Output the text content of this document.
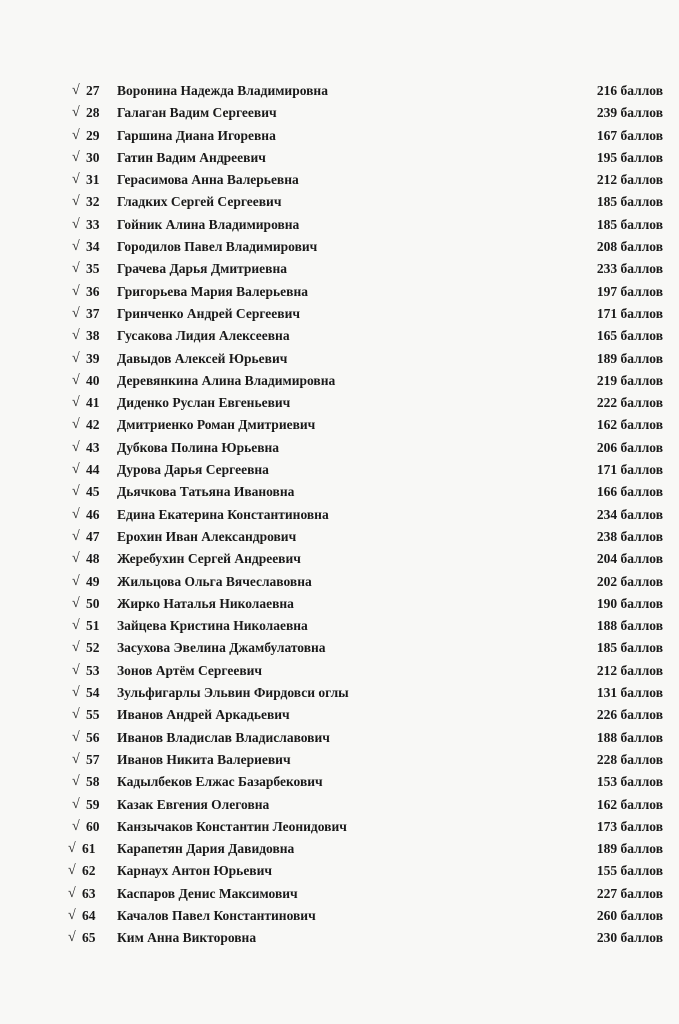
√ 27	Воронина Надежда Владимировна	216 баллов
√ 28	Галаган Вадим Сергеевич	239 баллов
√ 29	Гаршина Диана Игоревна	167 баллов
√ 30	Гатин Вадим Андреевич	195 баллов
√ 31	Герасимова Анна Валерьевна	212 баллов
√ 32	Гладких Сергей Сергеевич	185 баллов
√ 33	Гойник Алина Владимировна	185 баллов
√ 34	Городилов Павел Владимирович	208 баллов
√ 35	Грачева Дарья Дмитриевна	233 баллов
√ 36	Григорьева Мария Валерьевна	197 баллов
√ 37	Гринченко Андрей Сергеевич	171 баллов
√ 38	Гусакова Лидия Алексеевна	165 баллов
√ 39	Давыдов Алексей Юрьевич	189 баллов
√ 40	Деревянкина Алина Владимировна	219 баллов
√ 41	Диденко Руслан Евгеньевич	222 баллов
√ 42	Дмитриенко Роман Дмитриевич	162 баллов
√ 43	Дубкова Полина Юрьевна	206 баллов
√ 44	Дурова Дарья Сергеевна	171 баллов
√ 45	Дьячкова Татьяна Ивановна	166 баллов
√ 46	Едина Екатерина Константиновна	234 баллов
√ 47	Ерохин Иван Александрович	238 баллов
√ 48	Жеребухин Сергей Андреевич	204 баллов
√ 49	Жильцова Ольга Вячеславовна	202 баллов
√ 50	Жирко Наталья Николаевна	190 баллов
√ 51	Зайцева Кристина Николаевна	188 баллов
√ 52	Засухова Эвелина Джамбулатовна	185 баллов
√ 53	Зонов Артём Сергеевич	212 баллов
√ 54	Зульфигарлы Эльвин Фирдовси оглы	131 баллов
√ 55	Иванов Андрей Аркадьевич	226 баллов
√ 56	Иванов Владислав Владиславович	188 баллов
√ 57	Иванов Никита Валериевич	228 баллов
√ 58	Кадылбеков Елжас Базарбекович	153 баллов
√ 59	Казак Евгения Олеговна	162 баллов
√ 60	Канзычаков Константин Леонидович	173 баллов
√ 61	Карапетян Дария Давидовна	189 баллов
√ 62	Карнаух Антон Юрьевич	155 баллов
√ 63	Каспаров Денис Максимович	227 баллов
√ 64	Качалов Павел Константинович	260 баллов
√ 65	Ким Анна Викторовна	230 баллов
